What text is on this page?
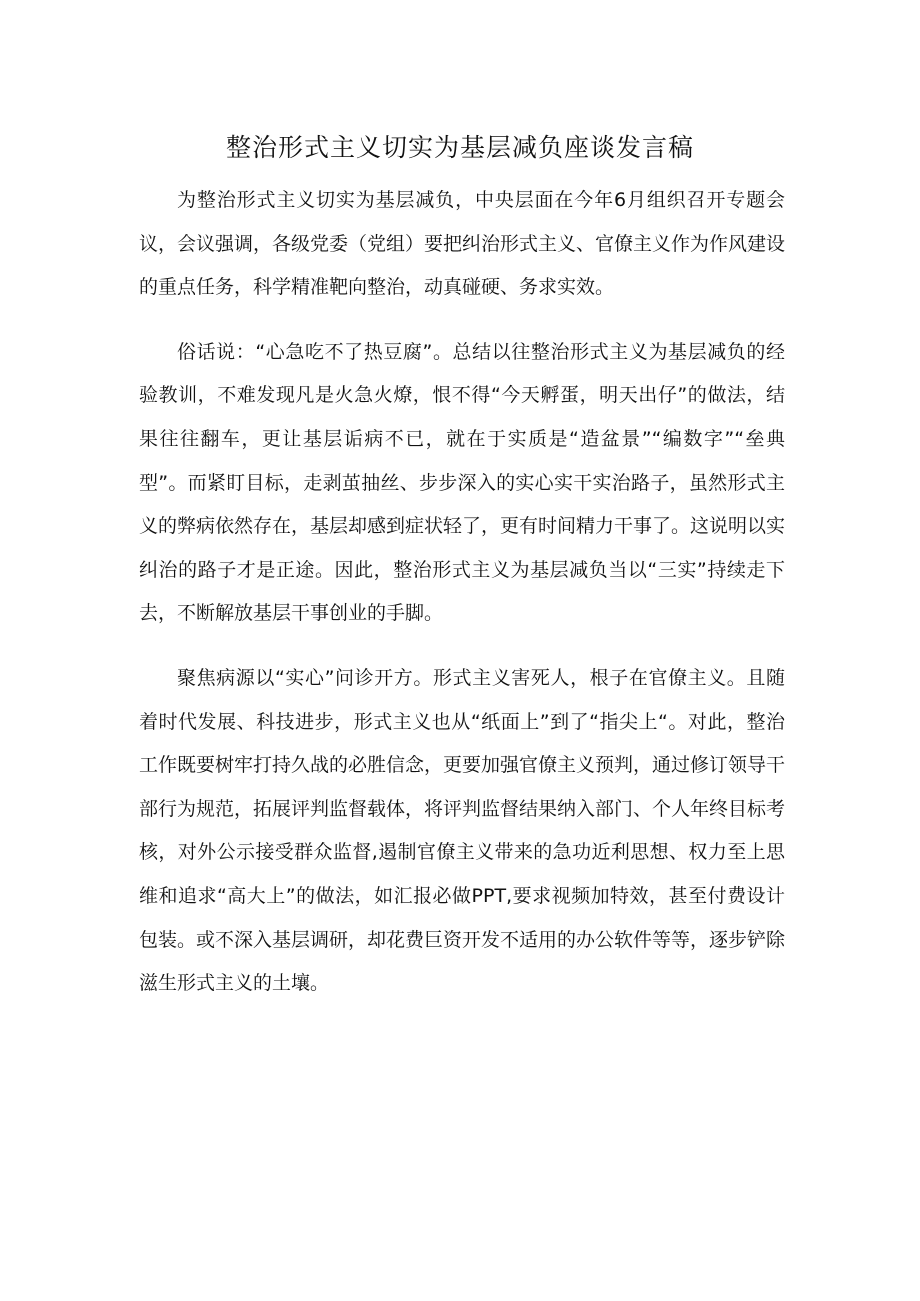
整治形式主义切实为基层减负座谈发言稿

为整治形式主义切实为基层减负，中央层面在今年6月组织召开专题会议，会议强调，各级党委（党组）要把纠治形式主义、官僚主义作为作风建设的重点任务，科学精准靶向整治，动真碰硬、务求实效。

俗话说：“心急吃不了热豆腐”。总结以往整治形式主义为基层减负的经验教训，不难发现凡是火急火燎，恨不得“今天孵蛋，明天出仔”的做法，结果往往翻车，更让基层诟病不已，就在于实质是“造盆景”“编数字”“垒典型”。而紧盯目标，走剥茧抽丝、步步深入的实心实干实治路子，虽然形式主义的弊病依然存在，基层却感到症状轻了，更有时间精力干事了。这说明以实纠治的路子才是正途。因此，整治形式主义为基层减负当以“三实”持续走下去，不断解放基层干事创业的手脚。

聚焦病源以“实心”问诊开方。形式主义害死人，根子在官僚主义。且随着时代发展、科技进步，形式主义也从“纸面上”到了“指尖上“。对此，整治工作既要树牢打持久战的必胜信念，更要加强官僚主义预判，通过修订领导干部行为规范，拓展评判监督载体，将评判监督结果纳入部门、个人年终目标考核，对外公示接受群众监督,遏制官僚主义带来的急功近利思想、权力至上思维和追求“高大上”的做法，如汇报必做PPT,要求视频加特效，甚至付费设计包装。或不深入基层调研，却花费巨资开发不适用的办公软件等等，逐步铲除滋生形式主义的土壤。
